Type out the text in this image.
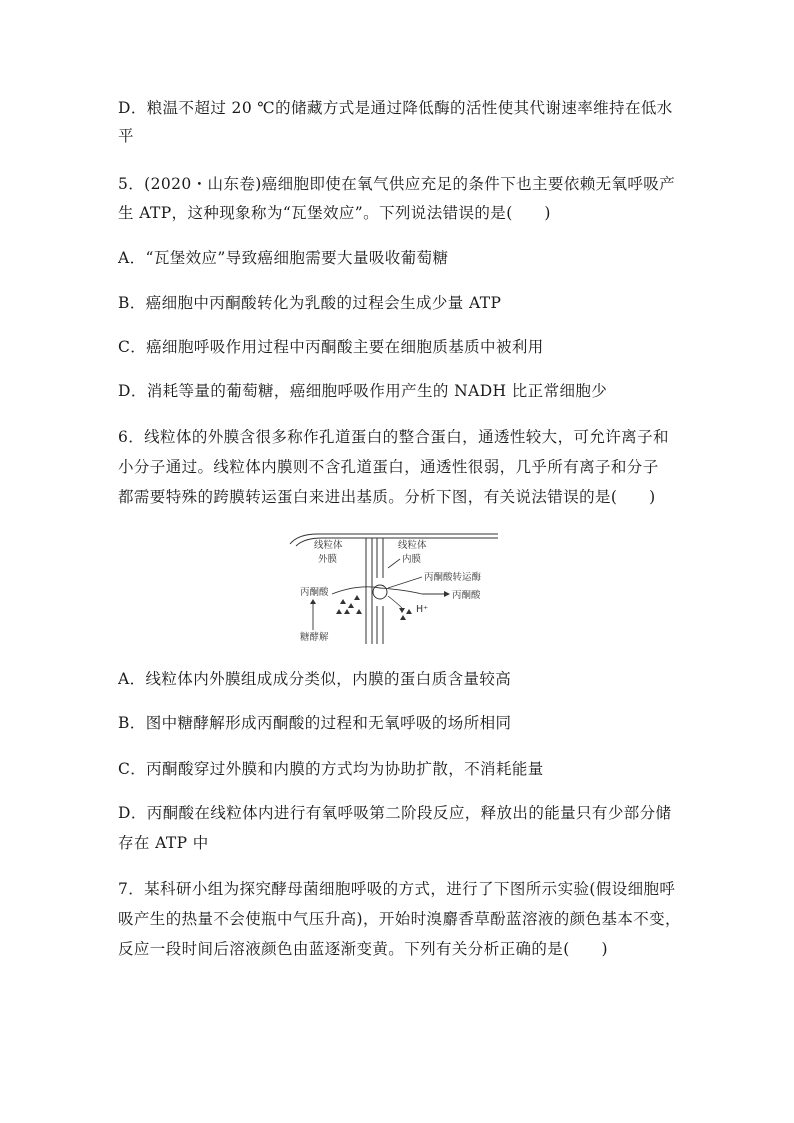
D．粮温不超过 20 ℃的储藏方式是通过降低酶的活性使其代谢速率维持在低水
平
5．(2020・山东卷)癌细胞即使在氧气供应充足的条件下也主要依赖无氧呼吸产
生 ATP，这种现象称为“瓦堡效应”。下列说法错误的是(　　)
A．“瓦堡效应”导致癌细胞需要大量吸收葡萄糖
B．癌细胞中丙酮酸转化为乳酸的过程会生成少量 ATP
C．癌细胞呼吸作用过程中丙酮酸主要在细胞质基质中被利用
D．消耗等量的葡萄糖，癌细胞呼吸作用产生的 NADH 比正常细胞少
6．线粒体的外膜含很多称作孔道蛋白的整合蛋白，通透性较大，可允许离子和
小分子通过。线粒体内膜则不含孔道蛋白，通透性很弱，几乎所有离子和分子
都需要特殊的跨膜转运蛋白来进出基质。分析下图，有关说法错误的是(　　)
线粒体
外膜
线粒体
内膜
丙酮酸转运酶
丙酮酸	丙酮酸
H⁺
糖酵解
A．线粒体内外膜组成成分类似，内膜的蛋白质含量较高
B．图中糖酵解形成丙酮酸的过程和无氧呼吸的场所相同
C．丙酮酸穿过外膜和内膜的方式均为协助扩散，不消耗能量
D．丙酮酸在线粒体内进行有氧呼吸第二阶段反应，释放出的能量只有少部分储
存在 ATP 中
7．某科研小组为探究酵母菌细胞呼吸的方式，进行了下图所示实验(假设细胞呼
吸产生的热量不会使瓶中气压升高)，开始时溴麝香草酚蓝溶液的颜色基本不变，
反应一段时间后溶液颜色由蓝逐渐变黄。下列有关分析正确的是(　　)
